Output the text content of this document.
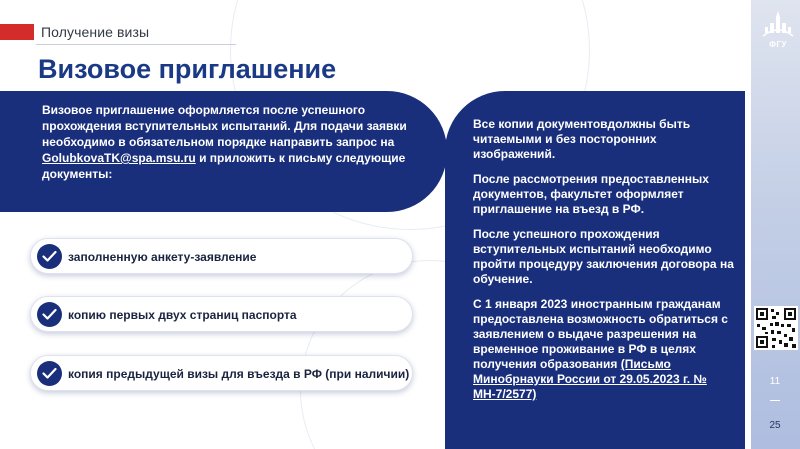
Получение визы
Визовое приглашение
Визовое приглашение оформляется после успешного прохождения вступительных испытаний. Для подачи заявки необходимо в обязательном порядке направить запрос на GolubkovaTK@spa.msu.ru и приложить к письму следующие документы:
заполненную анкету-заявление
копию первых двух страниц паспорта
копия предыдущей визы для въезда в РФ (при наличии)
Все копии документовдолжны быть читаемыми и без посторонних изображений.
После рассмотрения предоставленных документов, факультет оформляет приглашение на въезд в РФ.
После успешного прохождения вступительных испытаний необходимо пройти процедуру заключения договора на обучение.
С 1 января 2023 иностранным гражданам предоставлена возможность обратиться с заявлением о выдаче разрешения на временное проживание в РФ в целях получения образования (Письмо Минобрнауки России от 29.05.2023 г. № МН-7/2577)
ФГУ
11
25
